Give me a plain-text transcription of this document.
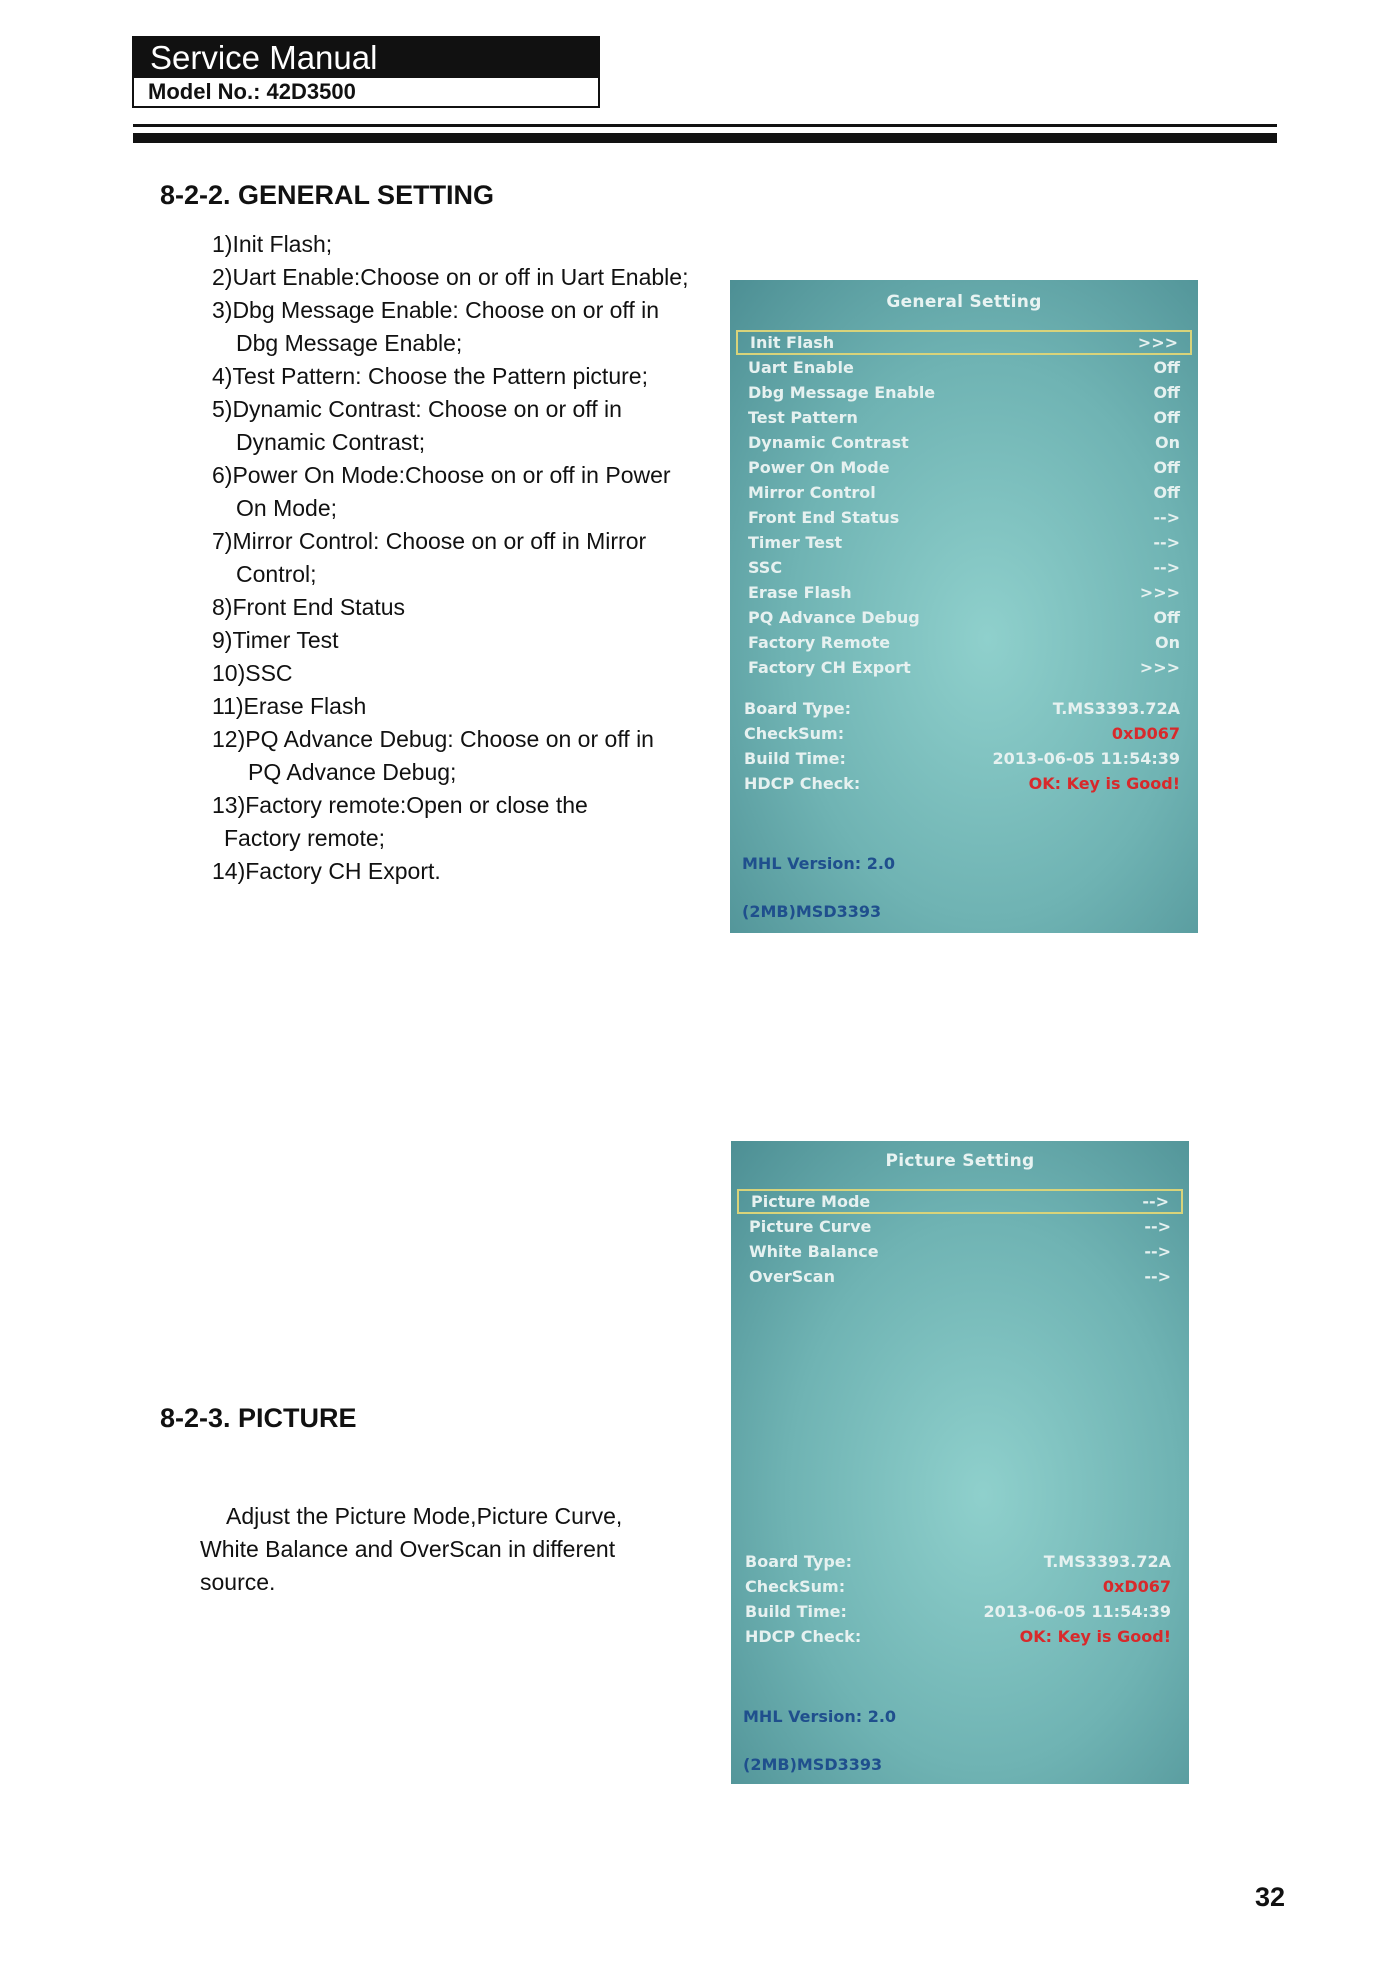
Service Manual
Model No.: 42D3500
8-2-2. GENERAL SETTING
1)Init Flash;
2)Uart Enable:Choose on or off in Uart Enable;
3)Dbg Message Enable: Choose on or off in
Dbg Message Enable;
4)Test Pattern: Choose the Pattern picture;
5)Dynamic Contrast: Choose on or off in
Dynamic Contrast;
6)Power On Mode:Choose on or off in Power
On Mode;
7)Mirror Control: Choose on or off in Mirror
Control;
8)Front End Status
9)Timer Test
10)SSC
11)Erase Flash
12)PQ Advance Debug: Choose on or off in
PQ Advance Debug;
13)Factory remote:Open or close the
Factory remote;
14)Factory CH Export.
General Setting
Init Flash	>>>
Uart Enable	Off
Dbg Message Enable	Off
Test Pattern	Off
Dynamic Contrast	On
Power On Mode	Off
Mirror Control	Off
Front End Status	-->
Timer Test	-->
SSC	-->
Erase Flash	>>>
PQ Advance Debug	Off
Factory Remote	On
Factory CH Export	>>>
Board Type:	T.MS3393.72A
CheckSum:	0xD067
Build Time:	2013-06-05 11:54:39
HDCP Check:	OK: Key is Good!
MHL Version: 2.0
(2MB)MSD3393
8-2-3. PICTURE
Adjust the Picture Mode,Picture Curve, White Balance and OverScan in different source.
Picture Setting
Picture Mode	-->
Picture Curve	-->
White Balance	-->
OverScan	-->
Board Type:	T.MS3393.72A
CheckSum:	0xD067
Build Time:	2013-06-05 11:54:39
HDCP Check:	OK: Key is Good!
MHL Version: 2.0
(2MB)MSD3393
32
